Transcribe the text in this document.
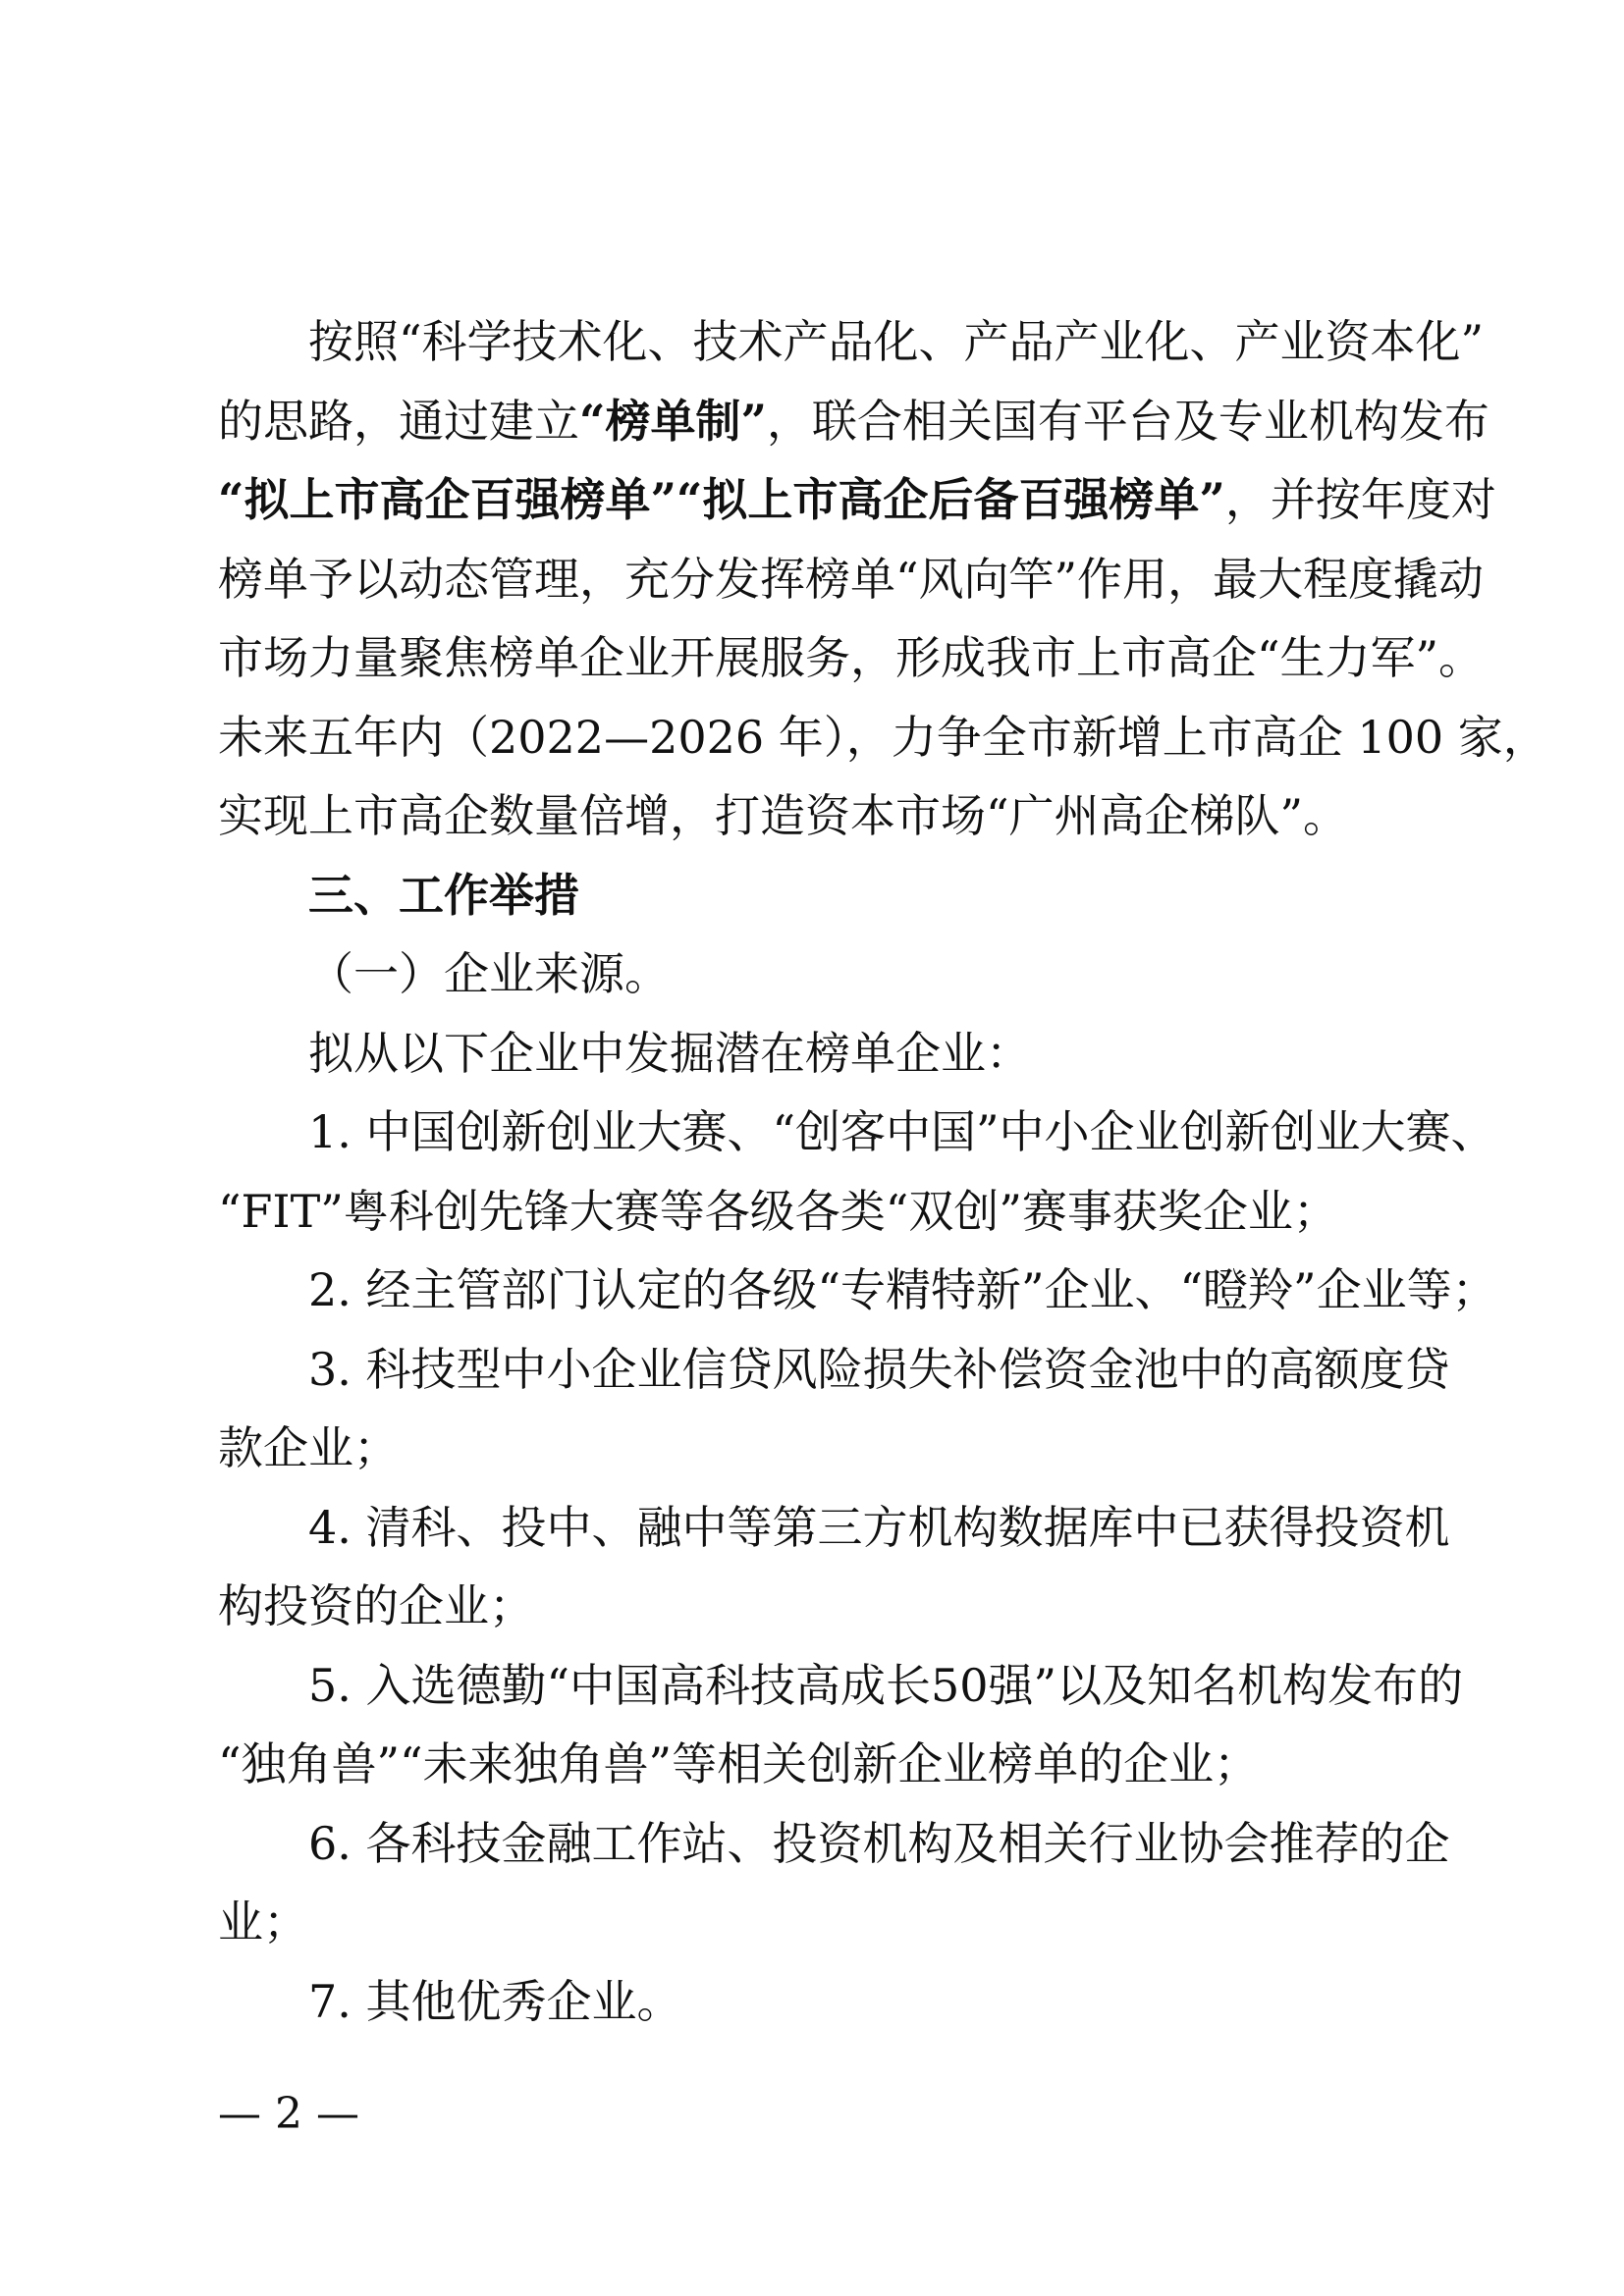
按照“科学技术化、技术产品化、产品产业化、产业资本化”
的思路，通过建立“榜单制”，联合相关国有平台及专业机构发布
“拟上市高企百强榜单”“拟上市高企后备百强榜单”，并按年度对
榜单予以动态管理，充分发挥榜单“风向竿”作用，最大程度撬动
市场力量聚焦榜单企业开展服务，形成我市上市高企“生力军”。
未来五年内（2022—2026 年），力争全市新增上市高企 100 家，
实现上市高企数量倍增，打造资本市场“广州高企梯队”。
三、工作举措
（一）企业来源。
拟从以下企业中发掘潜在榜单企业：
1. 中国创新创业大赛、“创客中国”中小企业创新创业大赛、
“FIT”粤科创先锋大赛等各级各类“双创”赛事获奖企业；
2. 经主管部门认定的各级“专精特新”企业、“瞪羚”企业等；
3. 科技型中小企业信贷风险损失补偿资金池中的高额度贷
款企业；
4. 清科、投中、融中等第三方机构数据库中已获得投资机
构投资的企业；
5. 入选德勤“中国高科技高成长50强”以及知名机构发布的
“独角兽”“未来独角兽”等相关创新企业榜单的企业；
6. 各科技金融工作站、投资机构及相关行业协会推荐的企
业；
7. 其他优秀企业。
— 2 —
